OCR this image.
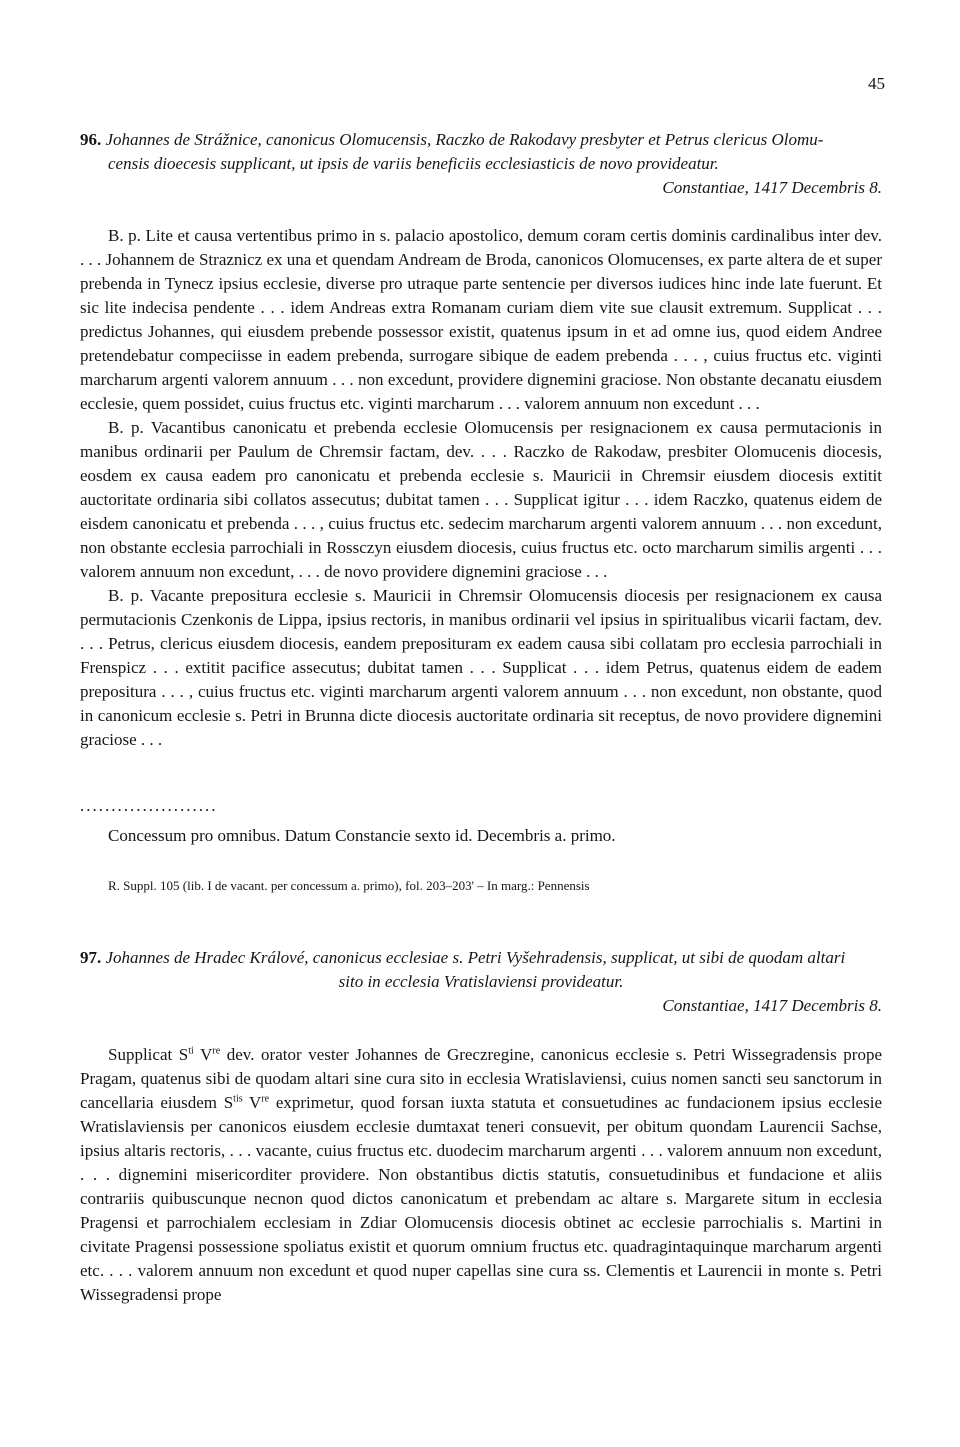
45
96. Johannes de Strážnice, canonicus Olomucensis, Raczko de Rakodavy presbyter et Petrus clericus Olomu-
censis dioecesis supplicant, ut ipsis de variis beneficiis ecclesiasticis de novo provideatur.
Constantiae, 1417 Decembris 8.

B. p. Lite et causa vertentibus primo in s. palacio apostolico, demum coram certis dominis cardinalibus inter dev. . . . Johannem de Straznicz ex una et quendam Andream de Broda, canonicos Olomucenses, ex parte altera de et super prebenda in Tynecz ipsius ecclesie, diverse pro utraque parte sentencie per diversos iudices hinc inde late fuerunt. Et sic lite indecisa pendente . . . idem Andreas extra Romanam curiam diem vite sue clausit extremum. Supplicat . . . predictus Johannes, qui eiusdem prebende possessor existit, quatenus ipsum in et ad omne ius, quod eidem Andree pretendebatur compeciisse in eadem prebenda, surrogare sibique de eadem prebenda . . . , cuius fructus etc. viginti marcharum argenti valorem annuum . . . non excedunt, providere dignemini graciose. Non obstante decanatu eiusdem ecclesie, quem possidet, cuius fructus etc. viginti marcharum . . . valorem annuum non excedunt . . .

B. p. Vacantibus canonicatu et prebenda ecclesie Olomucensis per resignacionem ex causa permutacionis in manibus ordinarii per Paulum de Chremsir factam, dev. . . . Raczko de Rakodaw, presbiter Olomucenis diocesis, eosdem ex causa eadem pro canonicatu et prebenda ecclesie s. Mauricii in Chremsir eiusdem diocesis extitit auctoritate ordinaria sibi collatos assecutus; dubitat tamen . . . Supplicat igitur . . . idem Raczko, quatenus eidem de eisdem canonicatu et prebenda . . . , cuius fructus etc. sedecim marcharum argenti valorem annuum . . . non excedunt, non obstante ecclesia parrochiali in Rossczyn eiusdem diocesis, cuius fructus etc. octo marcharum similis argenti . . . valorem annuum non excedunt, . . . de novo providere dignemini graciose . . .

B. p. Vacante prepositura ecclesie s. Mauricii in Chremsir Olomucensis diocesis per resignacionem ex causa permutacionis Czenkonis de Lippa, ipsius rectoris, in manibus ordinarii vel ipsius in spiritualibus vicarii factam, dev. . . . Petrus, clericus eiusdem diocesis, eandem preposituram ex eadem causa sibi collatam pro ecclesia parrochiali in Frenspicz . . . extitit pacifice assecutus; dubitat tamen . . . Supplicat . . . idem Petrus, quatenus eidem de eadem prepositura . . . , cuius fructus etc. viginti marcharum argenti valorem annuum . . . non excedunt, non obstante, quod in canonicum ecclesie s. Petri in Brunna dicte diocesis auctoritate ordinaria sit receptus, de novo providere dignemini graciose . . .

......................
Concessum pro omnibus. Datum Constancie sexto id. Decembris a. primo.
R. Suppl. 105 (lib. I de vacant. per concessum a. primo), fol. 203–203' – In marg.: Pennensis
97. Johannes de Hradec Králové, canonicus ecclesiae s. Petri Vyšehradensis, supplicat, ut sibi de quodam altari
sito in ecclesia Vratislaviensi provideatur.
Constantiae, 1417 Decembris 8.

Supplicat $S^{ti}$ Vre dev. orator vester Johannes de Greczregine, canonicus ecclesie s. Petri Wissegradensis prope Pragam, quatenus sibi de quodam altari sine cura sito in ecclesia Wratislaviensi, cuius nomen sancti seu sanctorum in cancellaria eiusdem $S^{tis}$ Vre exprimetur, quod forsan iuxta statuta et consuetudines ac fundacionem ipsius ecclesie Wratislaviensis per canonicos eiusdem ecclesie dumtaxat teneri consuevit, per obitum quondam Laurencii Sachse, ipsius altaris rectoris, . . . vacante, cuius fructus etc. duodecim marcharum argenti . . . valorem annuum non excedunt, . . . dignemini misericorditer providere. Non obstantibus dictis statutis, consuetudinibus et fundacione et aliis contrariis quibuscunque necnon quod dictos canonicatum et prebendam ac altare s. Margarete situm in ecclesia Pragensi et parrochialem ecclesiam in Zdiar Olomucensis diocesis obtinet ac ecclesie parrochialis s. Martini in civitate Pragensi possessione spoliatus existit et quorum omnium fructus etc. quadragintaquinque marcharum argenti etc. . . . valorem annuum non excedunt et quod nuper capellas sine cura ss. Clementis et Laurencii in monte s. Petri Wissegradensi prope
